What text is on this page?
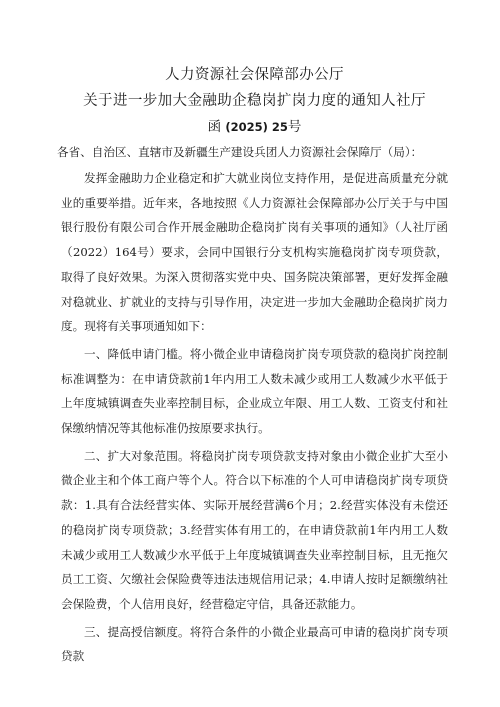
人力资源社会保障部办公厅

关于进一步加大金融助企稳岗扩岗力度的通知人社厅

函 (2025) 25号
各省、自治区、直辖市及新疆生产建设兵团人力资源社会保障厅（局）：

发挥金融助力企业稳定和扩大就业岗位支持作用，是促进高质量充分就业的重要举措。近年来，各地按照《人力资源社会保障部办公厅关于与中国银行股份有限公司合作开展金融助企稳岗扩岗有关事项的通知》（人社厅函（2022）164号）要求，会同中国银行分支机构实施稳岗扩岗专项贷款，取得了良好效果。为深入贯彻落实党中央、国务院决策部署，更好发挥金融对稳就业、扩就业的支持与引导作用，决定进一步加大金融助企稳岗扩岗力度。现将有关事项通知如下：

一、降低申请门槛。将小微企业申请稳岗扩岗专项贷款的稳岗扩岗控制标准调整为：在申请贷款前1年内用工人数未减少或用工人数减少水平低于上年度城镇调查失业率控制目标，企业成立年限、用工人数、工资支付和社保缴纳情况等其他标准仍按原要求执行。

二、扩大对象范围。将稳岗扩岗专项贷款支持对象由小微企业扩大至小微企业主和个体工商户等个人。符合以下标准的个人可申请稳岗扩岗专项贷款：1.具有合法经营实体、实际开展经营满6个月；2.经营实体没有未偿还的稳岗扩岗专项贷款；3.经营实体有用工的，在申请贷款前1年内用工人数未减少或用工人数减少水平低于上年度城镇调查失业率控制目标，且无拖欠员工工资、欠缴社会保险费等违法违规信用记录；4.申请人按时足额缴纳社会保险费，个人信用良好，经营稳定守信，具备还款能力。

三、提高授信额度。将符合条件的小微企业最高可申请的稳岗扩岗专项贷款
